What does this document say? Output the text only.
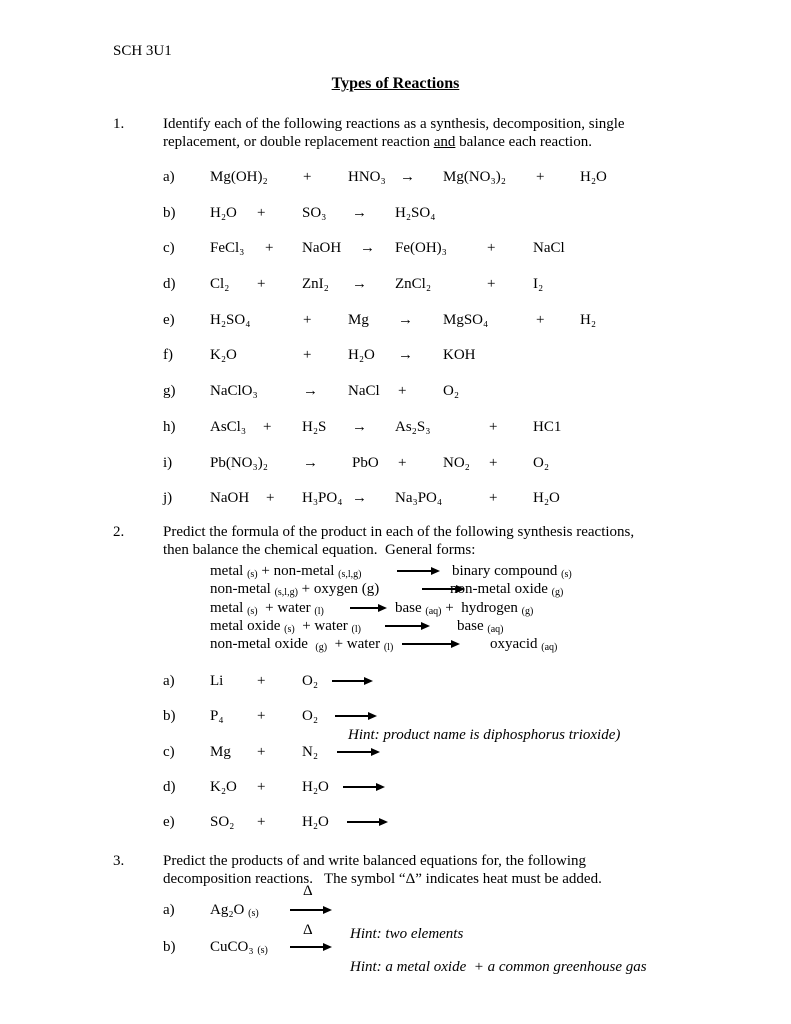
SCH 3U1
Types of Reactions
1.	Identify each of the following reactions as a synthesis, decomposition, single
replacement, or double replacement reaction and balance each reaction.
a) Mg(OH)₂ + HNO₃ → Mg(NO₃)₂ + H₂O
b) H₂O + SO₃ → H₂SO₄
c) FeCl₃ + NaOH → Fe(OH)₃	+	NaCl
d) Cl₂ + ZnI₂ → ZnCl₂	+	I₂
e) H₂SO₄	+ Mg → MgSO₄	+ H₂
f) K₂O	+ H₂O → KOH
g) NaClO₃	→ NaCl + O₂
h) AsCl₃ + H₂S → As₂S₃	+ HC1
i)	Pb(NO₃)₂ → PbO + NO₂ + O₂
j)	NaOH + H₃PO₄ → Na₃PO₄	+ H₂O
2.	Predict the formula of the product in each of the following synthesis reactions,
then balance the chemical equation.  General forms:
metal (s) + non-metal (s,l,g) → binary compound (s)
non-metal (s,l,g) + oxygen (g)	non-metal oxide (g)
metal (s)  + water (l) → base (aq) +  hydrogen (g)
metal oxide (s)  + water (l)	base (aq)
non-metal oxide  (g)  + water (l) →	oxyacid (aq)
a) Li + O₂ →
b) P₄ + O₂ →
Hint: product name is diphosphorus trioxide)
c) Mg + N₂ →
d) K₂O + H₂O →
e) SO₂ + H₂O →
3.	Predict the products of and write balanced equations for, the following
decomposition reactions.   The symbol “Δ” indicates heat must be added.
Δ
a) Ag₂O (s)
Δ Hint: two elements
b) CuCO₃ (s) →
Hint: a metal oxide  + a common greenhouse gas
